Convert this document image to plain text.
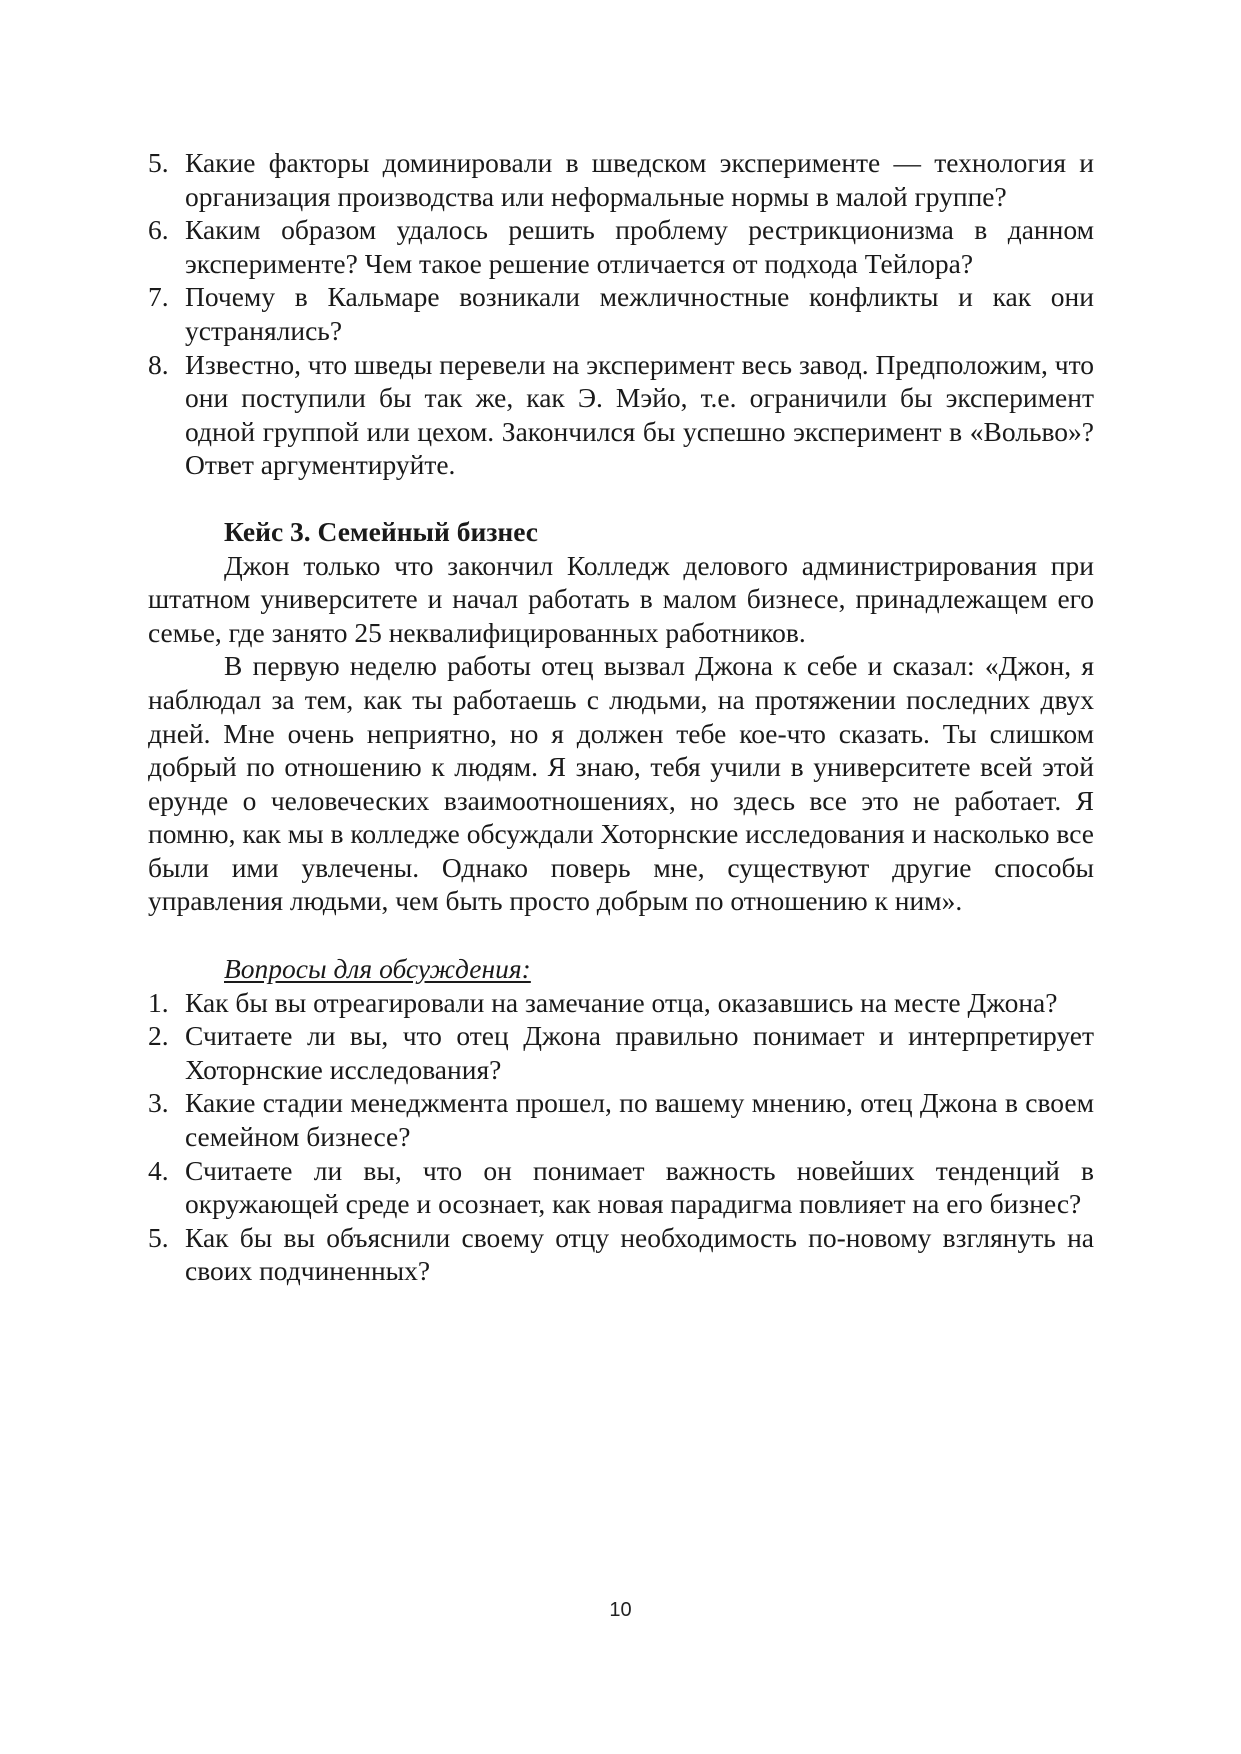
5. Какие факторы доминировали в шведском эксперименте — технология и организация производства или неформальные нормы в малой группе?
6. Каким образом удалось решить проблему рестрикционизма в данном эксперименте? Чем такое решение отличается от подхода Тейлора?
7. Почему в Кальмаре возникали межличностные конфликты и как они устранялись?
8. Известно, что шведы перевели на эксперимент весь завод. Предположим, что они поступили бы так же, как Э. Мэйо, т.е. ограничили бы эксперимент одной группой или цехом. Закончился бы успешно эксперимент в «Вольво»? Ответ аргументируйте.
Кейс 3. Семейный бизнес

Джон только что закончил Колледж делового администрирования при штатном университете и начал работать в малом бизнесе, принадлежащем его семье, где занято 25 неквалифицированных работников.

В первую неделю работы отец вызвал Джона к себе и сказал: «Джон, я наблюдал за тем, как ты работаешь с людьми, на протяжении последних двух дней. Мне очень неприятно, но я должен тебе кое-что сказать. Ты слишком добрый по отношению к людям. Я знаю, тебя учили в университете всей этой ерунде о человеческих взаимоотношениях, но здесь все это не работает. Я помню, как мы в колледже обсуждали Хоторнские исследования и насколько все были ими увлечены. Однако поверь мне, существуют другие способы управления людьми, чем быть просто добрым по отношению к ним».

Вопросы для обсуждения:
1. Как бы вы отреагировали на замечание отца, оказавшись на месте Джона?
2. Считаете ли вы, что отец Джона правильно понимает и интерпретирует Хоторнские исследования?
3. Какие стадии менеджмента прошел, по вашему мнению, отец Джона в своем семейном бизнесе?
4. Считаете ли вы, что он понимает важность новейших тенденций в окружающей среде и осознает, как новая парадигма повлияет на его бизнес?
5. Как бы вы объяснили своему отцу необходимость по-новому взглянуть на своих подчиненных?
10
